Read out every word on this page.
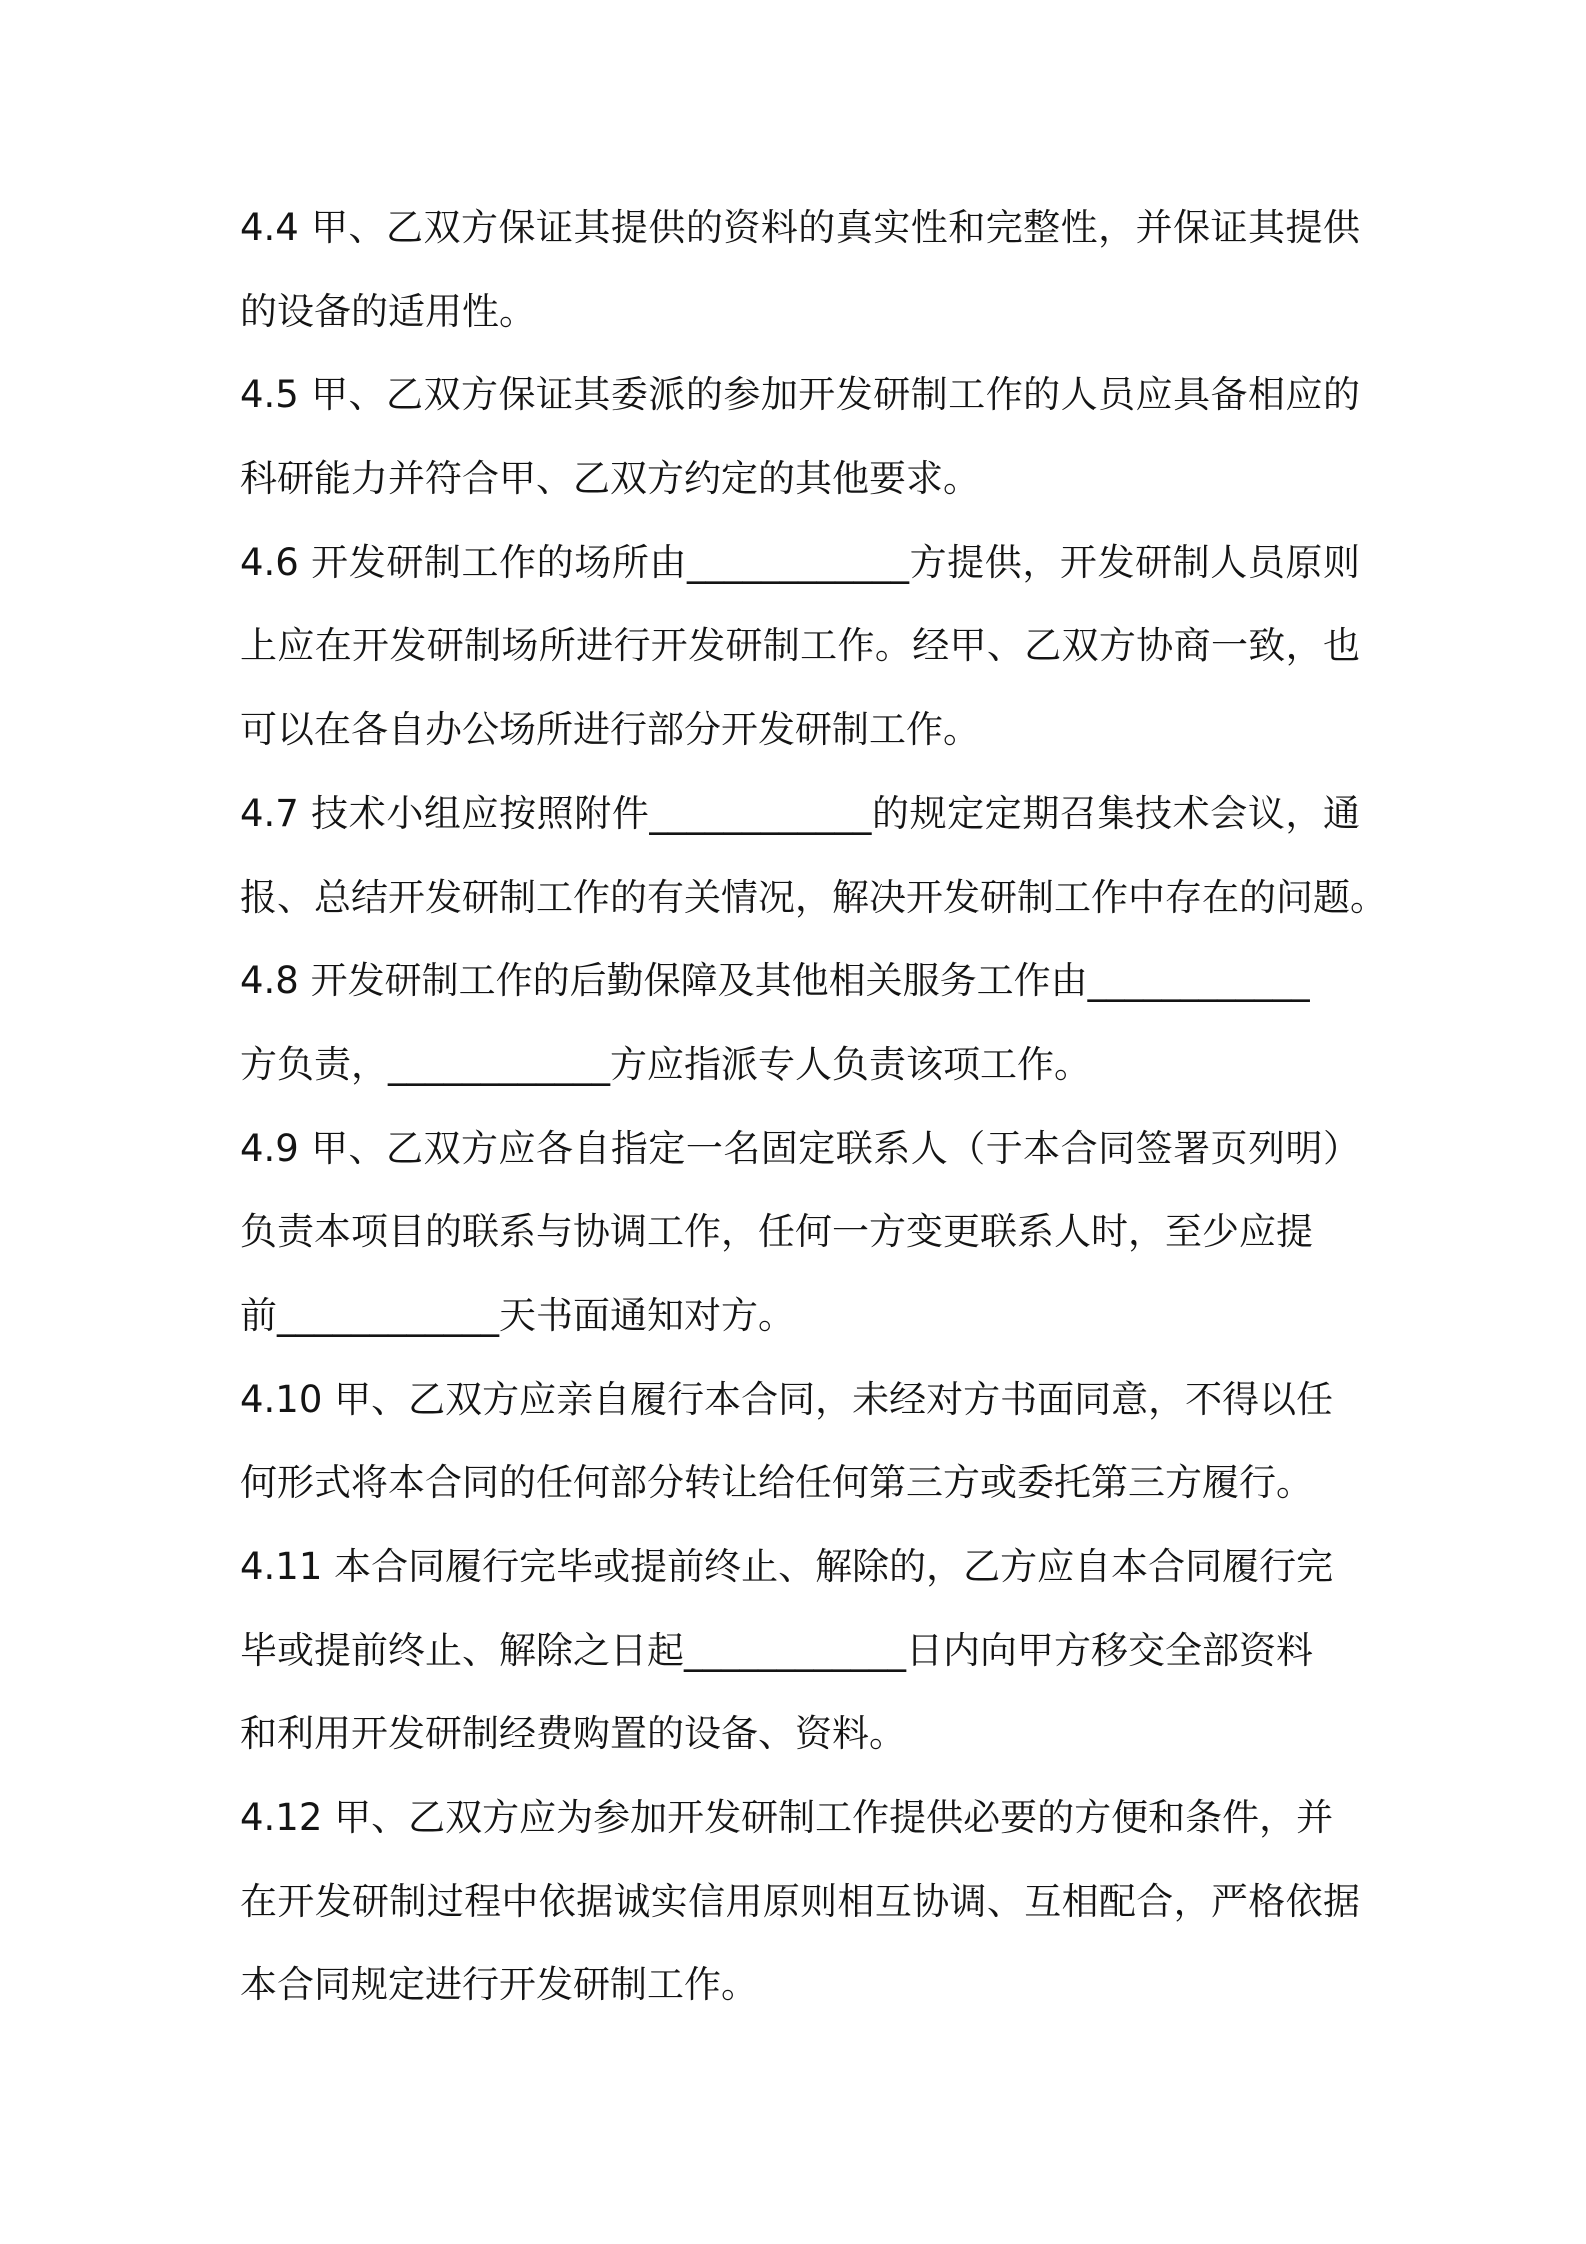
4.4 甲、乙双方保证其提供的资料的真实性和完整性，并保证其提供
的设备的适用性。
4.5 甲、乙双方保证其委派的参加开发研制工作的人员应具备相应的
科研能力并符合甲、乙双方约定的其他要求。
4.6 开发研制工作的场所由____________方提供，开发研制人员原则
上应在开发研制场所进行开发研制工作。经甲、乙双方协商一致，也
可以在各自办公场所进行部分开发研制工作。
4.7 技术小组应按照附件____________的规定定期召集技术会议，通
报、总结开发研制工作的有关情况，解决开发研制工作中存在的问题。
4.8 开发研制工作的后勤保障及其他相关服务工作由____________
方负责，____________方应指派专人负责该项工作。
4.9 甲、乙双方应各自指定一名固定联系人（于本合同签署页列明）
负责本项目的联系与协调工作，任何一方变更联系人时，至少应提
前____________天书面通知对方。
4.10 甲、乙双方应亲自履行本合同，未经对方书面同意，不得以任
何形式将本合同的任何部分转让给任何第三方或委托第三方履行。
4.11 本合同履行完毕或提前终止、解除的，乙方应自本合同履行完
毕或提前终止、解除之日起____________日内向甲方移交全部资料
和利用开发研制经费购置的设备、资料。
4.12 甲、乙双方应为参加开发研制工作提供必要的方便和条件，并
在开发研制过程中依据诚实信用原则相互协调、互相配合，严格依据
本合同规定进行开发研制工作。
